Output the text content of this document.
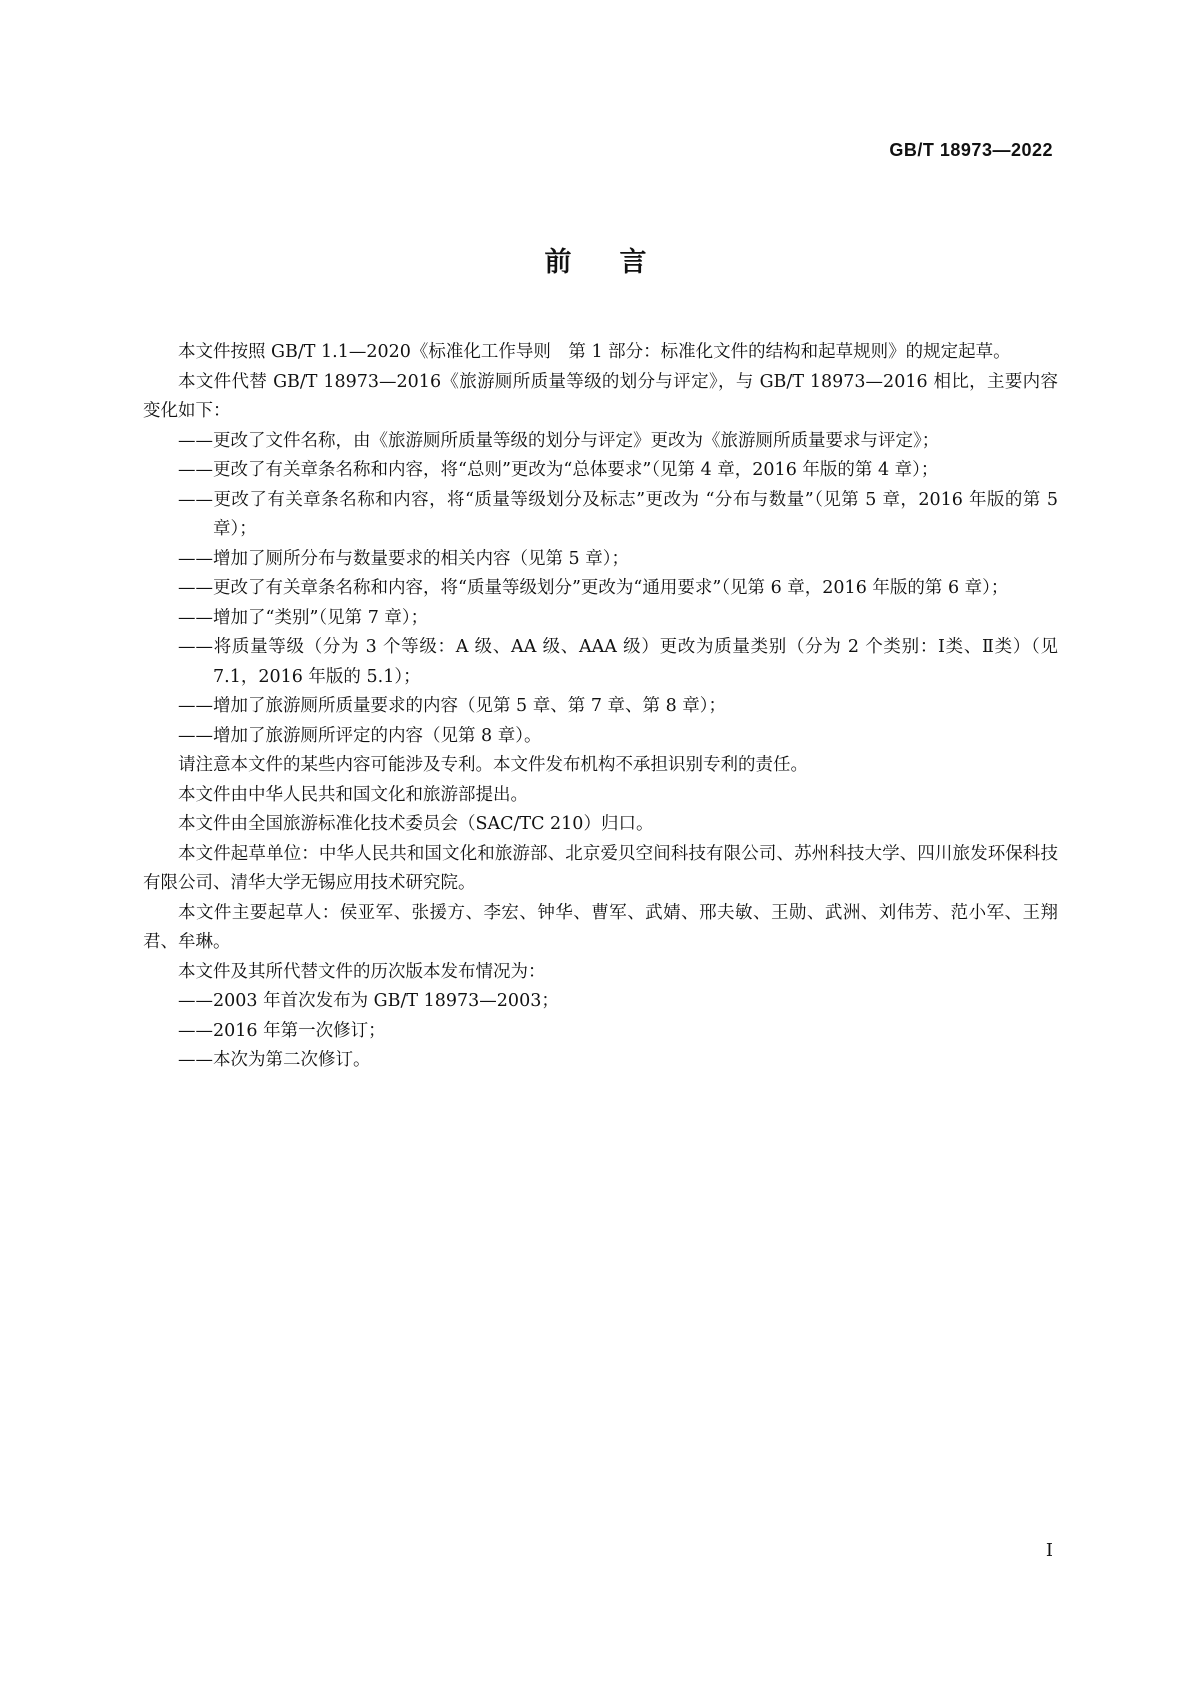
GB/T 18973—2022
前言

本文件按照 GB/T 1.1—2020《标准化工作导则　第 1 部分：标准化文件的结构和起草规则》的规定起草。

本文件代替 GB/T 18973—2016《旅游厕所质量等级的划分与评定》，与 GB/T 18973—2016 相比，主要内容变化如下：

——更改了文件名称，由《旅游厕所质量等级的划分与评定》更改为《旅游厕所质量要求与评定》；

——更改了有关章条名称和内容，将“总则”更改为“总体要求”（见第 4 章，2016 年版的第 4 章）；

——更改了有关章条名称和内容，将“质量等级划分及标志”更改为 “分布与数量”（见第 5 章，2016 年版的第 5 章）；

——增加了厕所分布与数量要求的相关内容（见第 5 章）；

——更改了有关章条名称和内容，将“质量等级划分”更改为“通用要求”（见第 6 章，2016 年版的第 6 章）；

——增加了“类别”（见第 7 章）；

——将质量等级（分为 3 个等级：A 级、AA 级、AAA 级）更改为质量类别（分为 2 个类别：Ⅰ类、Ⅱ类）（见 7.1，2016 年版的 5.1）；

——增加了旅游厕所质量要求的内容（见第 5 章、第 7 章、第 8 章）；

——增加了旅游厕所评定的内容（见第 8 章）。

请注意本文件的某些内容可能涉及专利。本文件发布机构不承担识别专利的责任。

本文件由中华人民共和国文化和旅游部提出。

本文件由全国旅游标准化技术委员会（SAC/TC 210）归口。

本文件起草单位：中华人民共和国文化和旅游部、北京爱贝空间科技有限公司、苏州科技大学、四川旅发环保科技有限公司、清华大学无锡应用技术研究院。

本文件主要起草人：侯亚军、张援方、李宏、钟华、曹军、武婧、邢夫敏、王勋、武洲、刘伟芳、范小军、王翔君、牟琳。

本文件及其所代替文件的历次版本发布情况为：

——2003 年首次发布为 GB/T 18973—2003；

——2016 年第一次修订；

——本次为第二次修订。

Ⅰ
